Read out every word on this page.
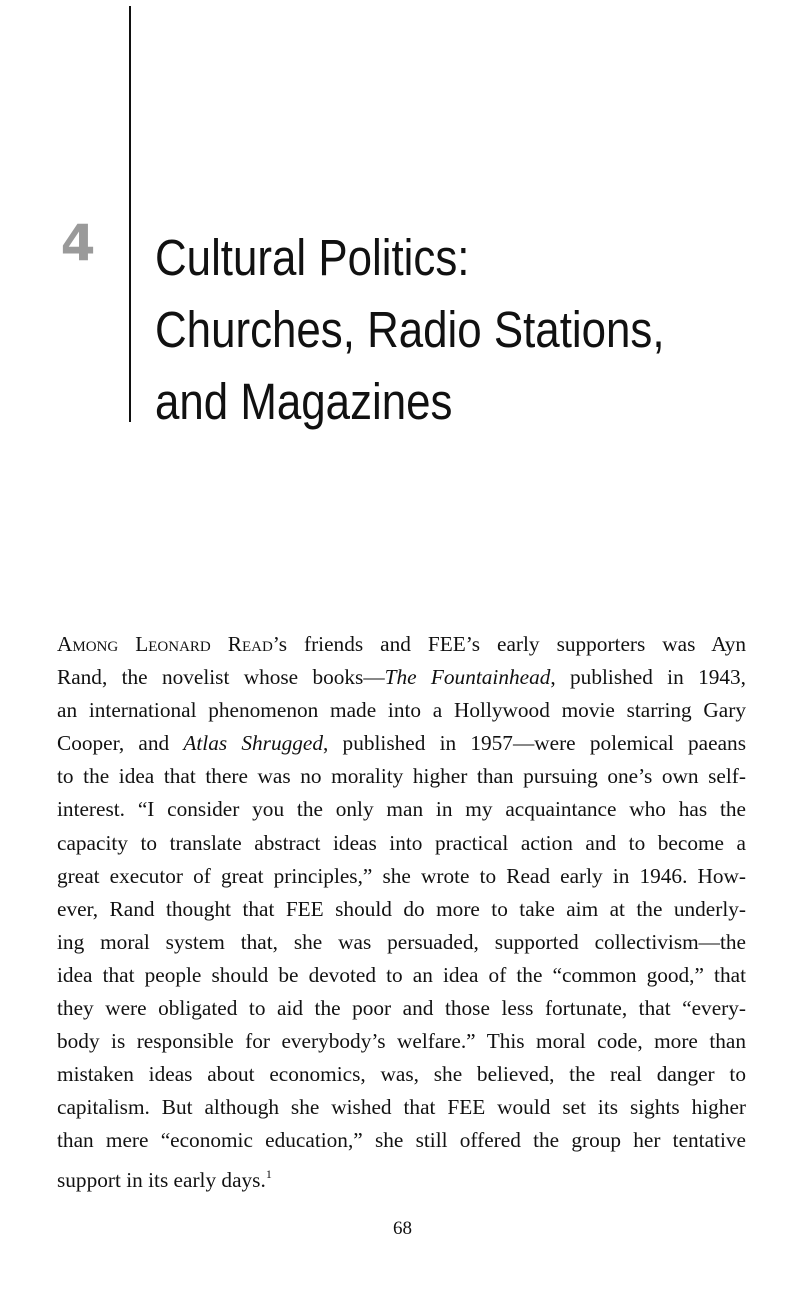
4 Cultural Politics:
Churches, Radio Stations,
and Magazines
Among Leonard Read’s friends and FEE’s early supporters was Ayn
Rand, the novelist whose books—The Fountainhead, published in 1943,
an international phenomenon made into a Hollywood movie starring Gary
Cooper, and Atlas Shrugged, published in 1957—were polemical paeans
to the idea that there was no morality higher than pursuing one’s own self-
interest. “I consider you the only man in my acquaintance who has the
capacity to translate abstract ideas into practical action and to become a
great executor of great principles,” she wrote to Read early in 1946. How-
ever, Rand thought that FEE should do more to take aim at the underly-
ing moral system that, she was persuaded, supported collectivism—the
idea that people should be devoted to an idea of the “common good,” that
they were obligated to aid the poor and those less fortunate, that “every-
body is responsible for everybody’s welfare.” This moral code, more than
mistaken ideas about economics, was, she believed, the real danger to
capitalism. But although she wished that FEE would set its sights higher
than mere “economic education,” she still offered the group her tentative
support in its early days.$^1$
68
